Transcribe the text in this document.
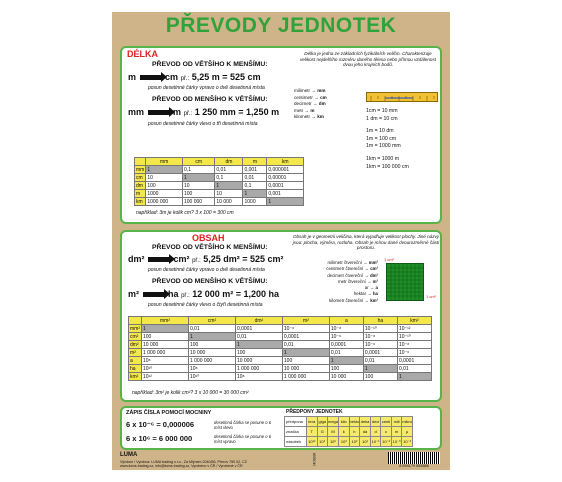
PŘEVODY JEDNOTEK
DÉLKA
PŘEVOD OD VĚTŠÍHO K MENŠÍMU:
m	cm př.: 5,25 m = 525 cm
posun desetinné čárky vpravo o dvě desetinná místa
PŘEVOD OD MENŠÍHO K VĚTŠÍMU:
mm	m př.: 1 250 mm = 1,250 m
posun desetinné čárky vlevo o tři desetinná místa
Délka je jedna ze základních fyzikálních veličin. Charakterizuje velikost nejdelšího rozměru daného tělesa nebo přímou vzdálenost dvou jeho krajních bodů.
milimetr → mm
centimetr → cm
decimetr → dm
metr → m
kilometr → km
1cm = 10 mm
1 dm = 10 cm
1m = 10 dm
1m = 100 cm
1m = 1000 mm
1km = 1000 m
1km = 100 000 cm
	mm	cm	dm	m	km
mm	1	0,1	0,01	0,001	0,000001
cm	10	1	0,1	0,01	0,00001
dm	100	10	1	0,1	0,0001
m	1000	100	10	1	0,001
km	1000 000	100 000	10 000	1000	1
například: 3m je kolik cm? 3 x 100 = 300 cm
OBSAH
PŘEVOD OD VĚTŠÍHO K MENŠÍMU:
dm²	cm² př.: 5,25 dm² = 525 cm²
posun desetinné čárky vpravo o dvě desetinná místa
PŘEVOD OD MENŠÍHO K VĚTŠÍMU:
m²	ha př.: 12 000 m² = 1,200 ha
posun desetinné čárky vlevo o čtyři desetinná místa
Obsah je v geometrii veličina, která vyjadřuje velikost plochy. Jiné názvy jsou: plocha, výměra, rozloha. Obsah je mírou dané dvourozměrné části prostoru.
milimetr čtvereční → mm²
centimetr čtvereční → cm²
decimetr čtvereční → dm²
metr čtvereční → m²
ar → a
hektar → ha
kilometr čtvereční → km²
1 cm²
1 cm²
	mm²	cm²	dm²	m²	a	ha	km²
mm²	1	0,01	0,0001	10⁻⁶	10⁻⁸	10⁻¹⁰	10⁻¹²
cm²	100	1	0,01	0,0001	10⁻⁶	10⁻⁸	10⁻¹⁰
dm²	10 000	100	1	0,01	0,0001	10⁻⁶	10⁻⁸
m²	1 000 000	10 000	100	1	0,01	0,0001	10⁻⁶
a	10⁸	1 000 000	10 000	100	1	0,01	0,0001
ha	10¹⁰	10⁸	1 000 000	10 000	100	1	0,01
km²	10¹²	10¹⁰	10⁸	1 000 000	10 000	100	1
například: 3m² je kolik cm²? 3 x 10 000 = 30 000 cm²
ZÁPIS ČÍSLA POMOCÍ MOCNINY
6 x 10⁻⁶ = 0,000006	desetinná čárka se posune o 6 míst vlevo
6 x 10⁶ = 6 000 000	desetinná čárka se posune o 6 míst vpravo
PŘEDPONY JEDNOTEK
předpona	tera	giga	mega	kilo	hekto	deka	deci	centi	mili	mikro
značka	T	G	M	k	h	da	d	c	m	μ
násobek	10¹²	10⁹	10⁶	10³	10²	10¹	10⁻¹	10⁻²	10⁻³	10⁻⁶
LUMA
Výrobce / Vyrobca: LUMA trading s.r.o., Za Mlýnem 2040/56, Přerov 750 02, CZ
www.luma-trading.cz, info@luma-trading.cz, Vyrobeno v ČR / Vyrobené v ČR
8595040	8 594179 555886
